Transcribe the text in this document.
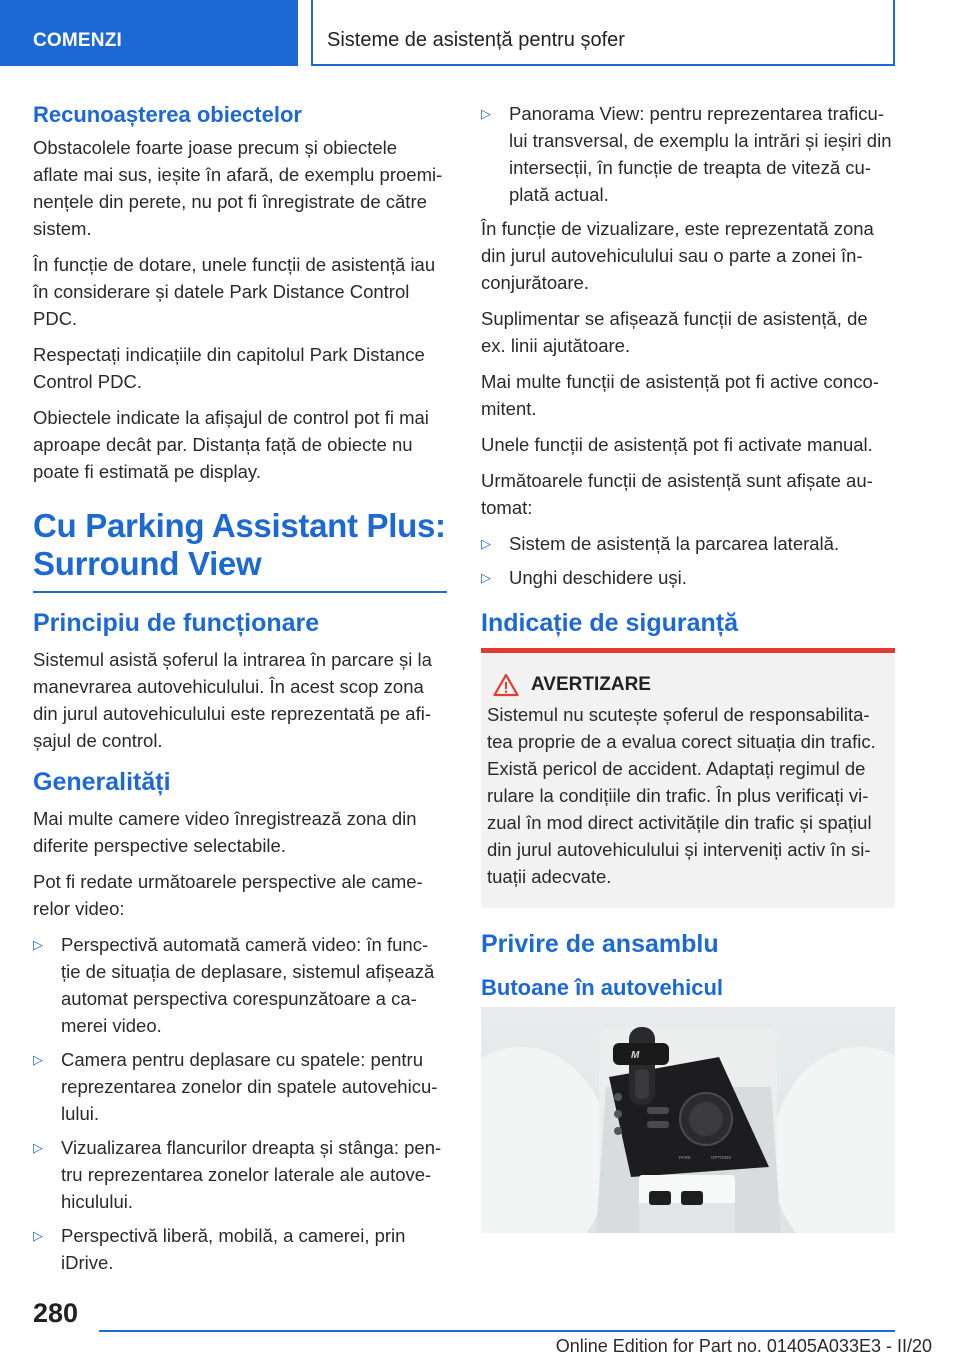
COMENZI	Sisteme de asistență pentru șofer
Recunoașterea obiectelor

Obstacolele foarte joase precum și obiectele aflate mai sus, ieșite în afară, de exemplu proemi-nențele din perete, nu pot fi înregistrate de către sistem.

În funcție de dotare, unele funcții de asistență iau în considerare și datele Park Distance Control PDC.

Respectați indicațiile din capitolul Park Distance Control PDC.

Obiectele indicate la afișajul de control pot fi mai aproape decât par. Distanța față de obiecte nu poate fi estimată pe display.

Cu Parking Assistant Plus: Surround View
Principiu de funcționare

Sistemul asistă șoferul la intrarea în parcare și la manevrarea autovehiculului. În acest scop zona din jurul autovehiculului este reprezentată pe afi-șajul de control.

Generalități

Mai multe camere video înregistrează zona din diferite perspective selectabile.

Pot fi redate următoarele perspective ale came-relor video:

▷ Perspectivă automată cameră video: în func-ție de situația de deplasare, sistemul afișează automat perspectiva corespunzătoare a ca-merei video.
▷ Camera pentru deplasare cu spatele: pentru reprezentarea zonelor din spatele autovehicu-lului.
▷ Vizualizarea flancurilor dreapta și stânga: pen-tru reprezentarea zonelor laterale ale autove-hiculului.
▷ Perspectivă liberă, mobilă, a camerei, prin iDrive.
▷ Panorama View: pentru reprezentarea traficu-lui transversal, de exemplu la intrări și ieșiri din intersecții, în funcție de treapta de viteză cu-plată actual.

În funcție de vizualizare, este reprezentată zona din jurul autovehiculului sau o parte a zonei în-conjurătoare.

Suplimentar se afișează funcții de asistență, de ex. linii ajutătoare.

Mai multe funcții de asistență pot fi active conco-mitent.

Unele funcții de asistență pot fi activate manual.

Următoarele funcții de asistență sunt afișate au-tomat:

▷ Sistem de asistență la parcarea laterală.
▷ Unghi deschidere uși.
Indicație de siguranță
AVERTIZARE

Sistemul nu scutește șoferul de responsabilita-tea proprie de a evalua corect situația din trafic. Există pericol de accident. Adaptați regimul de rulare la condițiile din trafic. În plus verificați vi-zual în mod direct activitățile din trafic și spațiul din jurul autovehiculului și interveniți activ în si-tuații adecvate.

Privire de ansamblu
Butoane în autovehicul
M
PARK	OPTIONS
280
Online Edition for Part no. 01405A033E3 - II/20
